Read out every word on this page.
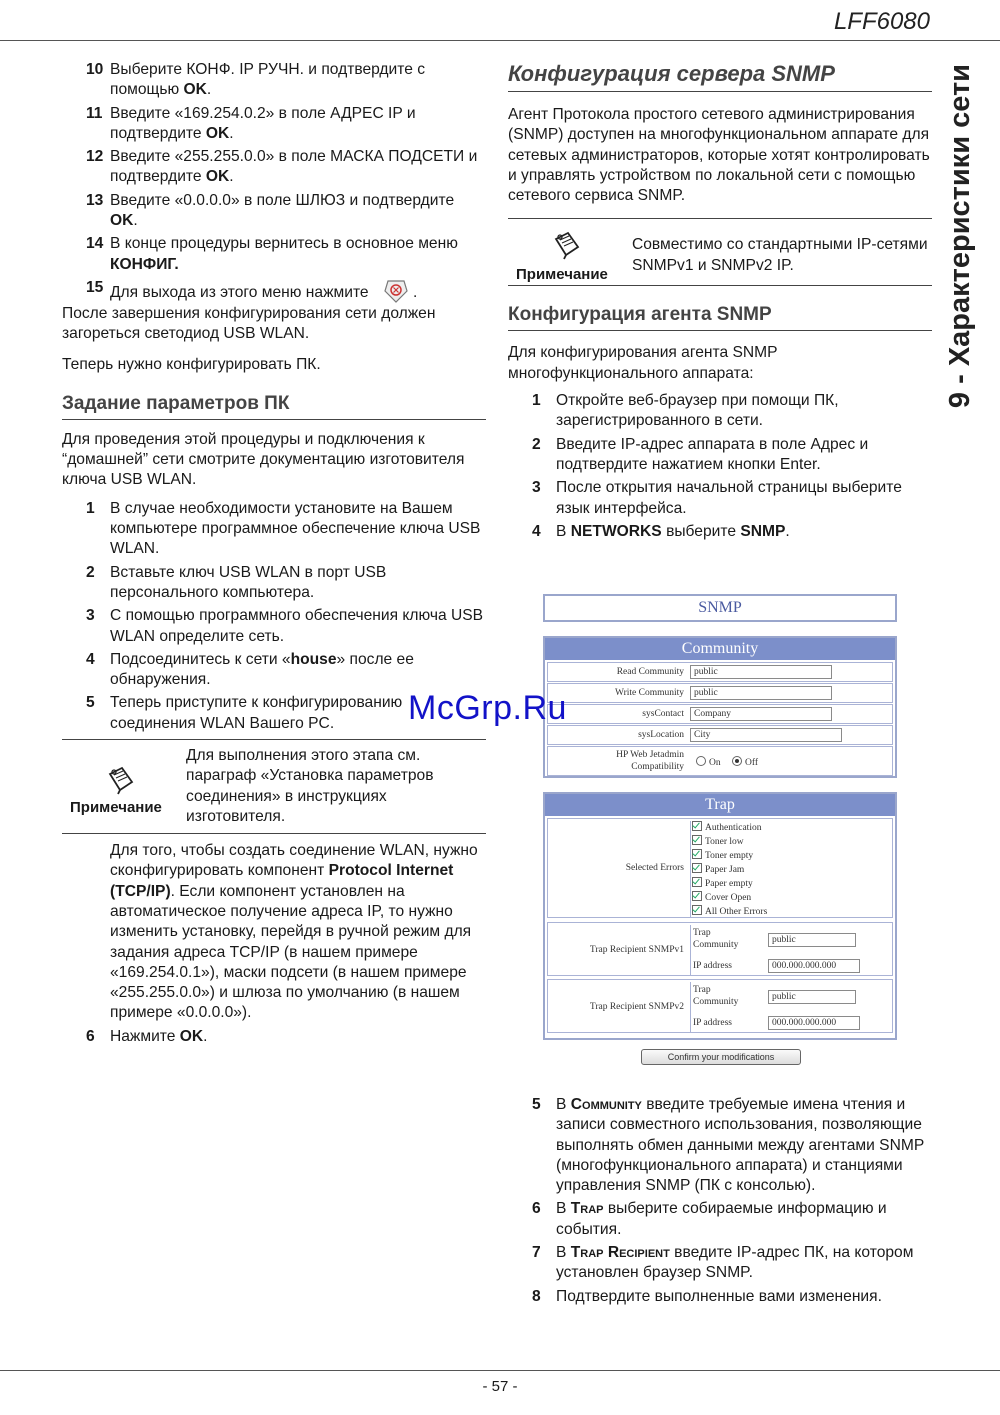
LFF6080
9 - Характеристики сети
10 Выберите КОНФ. IP РУЧН. и подтвердите с помощью OK.
11 Введите «169.254.0.2» в поле АДРЕС IP и подтвердите OK.
12 Введите «255.255.0.0» в поле МАСКА ПОДСЕТИ и подтвердите OK.
13 Введите «0.0.0.0» в поле ШЛЮЗ и подтвердите OK.
14 В конце процедуры вернитесь в основное меню КОНФИГ.
15 Для выхода из этого меню нажмите	.

После завершения конфигурирования сети должен загореться светодиод USB WLAN.

Теперь нужно конфигурировать ПК.

Задание параметров ПК

Для проведения этой процедуры и подключения к “домашней” сети смотрите документацию изготовителя ключа USB WLAN.

1 В случае необходимости установите на Вашем компьютере программное обеспечение ключа USB WLAN.
2 Вставьте ключ USB WLAN в порт USB персонального компьютера.
3 С помощью программного обеспечения ключа USB WLAN определите сеть.
4 Подсоединитесь к сети «house» после ее обнаружения.
5 Теперь приступите к конфигурированию соединения WLAN Вашего PC.
Примечание
Для выполнения этого этапа см. параграф «Установка параметров соединения» в инструкциях изготовителя.

Для того, чтобы создать соединение WLAN, нужно сконфигурировать компонент Protocol Internet (TCP/IP). Если компонент установлен на автоматическое получение адреса IP, то нужно изменить установку, перейдя в ручной режим для задания адреса TCP/IP (в нашем примере «169.254.0.1»), маски подсети (в нашем примере «255.255.0.0») и шлюза по умолчанию (в нашем примере «0.0.0.0»).

6 Нажмите OK.
Конфигурация сервера SNMP

Агент Протокола простого сетевого администрирования (SNMP) доступен на многофункциональном аппарате для сетевых администраторов, которые хотят контролировать и управлять устройством по локальной сети с помощью сетевого сервиса SNMP.

Примечание
Совместимо со стандартными IP-сетями SNMPv1 и SNMPv2 IP.
Конфигурация агента SNMP

Для конфигурирования агента SNMP многофункционального аппарата:

1 Откройте веб-браузер при помощи ПК, зарегистрированного в сети.
2 Введите IP-адрес аппарата в поле Адрес и подтвердите нажатием кнопки Enter.
3 После открытия начальной страницы выберите язык интерфейса.
4 В NETWORKS выберите SNMP.
SNMP
Community
Read Community	public
Write Community	public
sysContact	Company
sysLocation	City
HP Web Jetadmin
Compatibility	On	Off
Trap
Selected Errors
Authentication
Toner low
Toner empty
Paper Jam
Paper empty
Cover Open
All Other Errors
Trap Recipient SNMPv1
Trap
Community	public
IP address	000.000.000.000
Trap Recipient SNMPv2
Trap
Community	public
IP address	000.000.000.000
Confirm your modifications
5 В Community введите требуемые имена чтения и записи совместного использования, позволяющие выполнять обмен данными между агентами SNMP (многофункционального аппарата) и станциями управления SNMP (ПК с консолью).
6 В Trap выберите собираемые информацию и события.
7 В Trap Recipient введите IP-адрес ПК, на котором установлен браузер SNMP.
8 Подтвердите выполненные вами изменения.
McGrp.Ru
- 57 -
